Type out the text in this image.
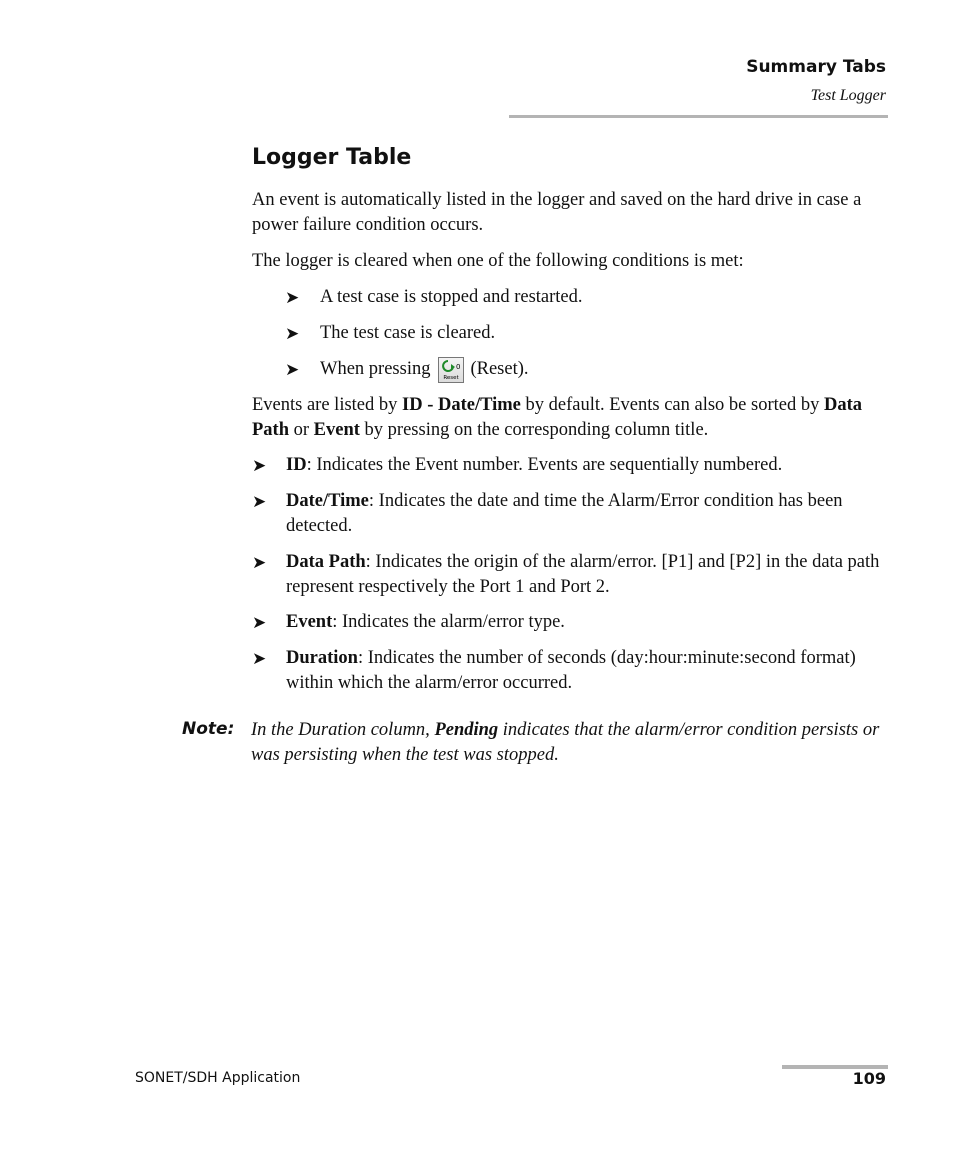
Summary Tabs
Test Logger
Logger Table

An event is automatically listed in the logger and saved on the hard drive in case a power failure condition occurs.

The logger is cleared when one of the following conditions is met:

➤ A test case is stopped and restarted.

➤ The test case is cleared.

➤ When pressing	0
Reset (Reset).

Events are listed by ID - Date/Time by default. Events can also be sorted by Data Path or Event by pressing on the corresponding column title.

➤ ID: Indicates the Event number. Events are sequentially numbered.

➤ Date/Time: Indicates the date and time the Alarm/Error condition has been detected.

➤ Data Path: Indicates the origin of the alarm/error. [P1] and [P2] in the data path represent respectively the Port 1 and Port 2.

➤ Event: Indicates the alarm/error type.

➤ Duration: Indicates the number of seconds (day:hour:minute:second format) within which the alarm/error occurred.

Note: In the Duration column, Pending indicates that the alarm/error condition persists or was persisting when the test was stopped.

SONET/SDH Application	109
